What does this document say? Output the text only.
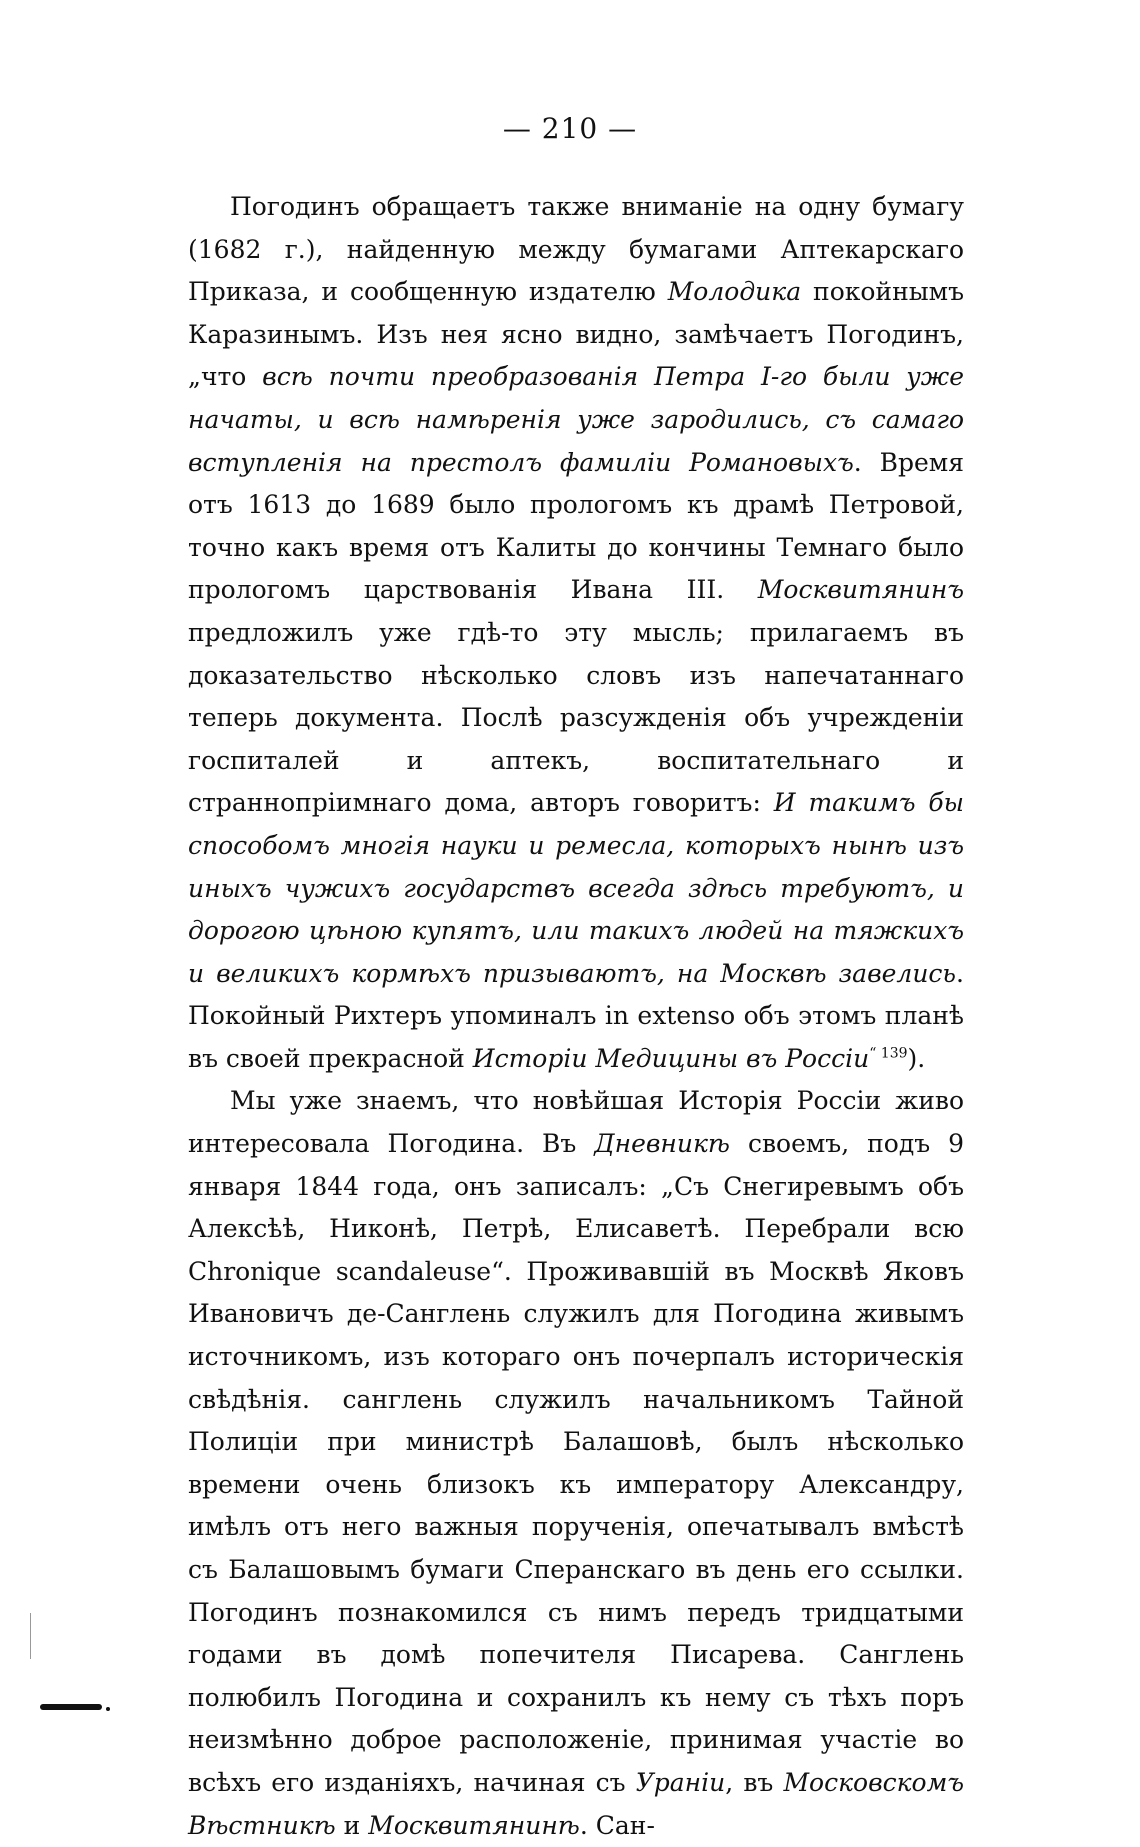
— 210 —

Погодинъ обращаетъ также вниманіе на одну бумагу (1682 г.), найденную между бумагами Аптекарскаго Приказа, и сообщенную издателю Молодика покойнымъ Каразинымъ. Изъ нея ясно видно, замѣчаетъ Погодинъ, „что всѣ почти преобразованія Петра I-го были уже начаты, и всѣ намѣренія уже зародились, съ самаго вступленія на престолъ фамиліи Романовыхъ. Время отъ 1613 до 1689 было прологомъ къ драмѣ Петровой, точно какъ время отъ Калиты до кончины Темнаго было прологомъ царствованія Ивана III. Москвитянинъ предложилъ уже гдѣ-то эту мысль; прилагаемъ въ доказательство нѣсколько словъ изъ напечатаннаго теперь документа. Послѣ разсужденія объ учрежденіи госпиталей и аптекъ, воспитательнаго и страннопріимнаго дома, авторъ говоритъ: И такимъ бы способомъ многія науки и ремесла, которыхъ нынѣ изъ иныхъ чужихъ государствъ всегда здѣсь требуютъ, и дорогою цѣною купятъ, или такихъ людей на тяжкихъ и великихъ кормѣхъ призываютъ, на Москвѣ завелись. Покойный Рихтеръ упоминалъ in extenso объ этомъ планѣ въ своей прекрасной Исторіи Медицины въ Россіи$^{“ 139}$).

Мы уже знаемъ, что новѣйшая Исторія Россіи живо интересовала Погодина. Въ Дневникѣ своемъ, подъ 9 января 1844 года, онъ записалъ: „Съ Снегиревымъ объ Алексѣѣ, Никонѣ, Петрѣ, Елисаветѣ. Перебрали всю Chronique scandaleuse“. Проживавшій въ Москвѣ Яковъ Ивановичъ де-Санглень служилъ для Погодина живымъ источникомъ, изъ котораго онъ почерпалъ историческія свѣдѣнія. санглень служилъ начальникомъ Тайной Полиціи при министрѣ Балашовѣ, былъ нѣсколько времени очень близокъ къ императору Александру, имѣлъ отъ него важныя порученія, опечатывалъ вмѣстѣ съ Балашовымъ бумаги Сперанскаго въ день его ссылки. Погодинъ познакомился съ нимъ передъ тридцатыми годами въ домѣ попечителя Писарева. Санглень полюбилъ Погодина и сохранилъ къ нему съ тѣхъ поръ неизмѣнно доброе расположеніе, принимая участіе во всѣхъ его изданіяхъ, начиная съ Ураніи, въ Московскомъ Вѣстникѣ и Москвитянинѣ. Сан-
